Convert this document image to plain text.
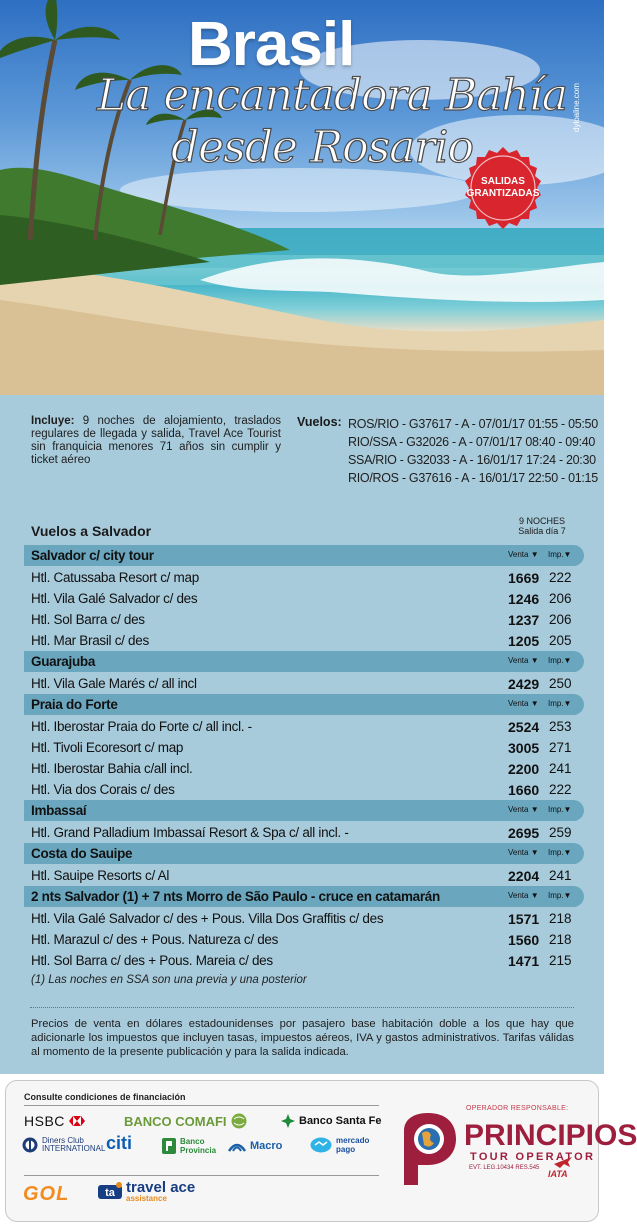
Brasil
La encantadora Bahía
desde Rosario
dyloaline.com
SALIDAS
GRANTIZADAS
Incluye: 9 noches de alojamiento, traslados regulares de llegada y salida, Travel Ace Tourist sin franquicia menores 71 años sin cumplir y ticket aéreo
Vuelos: ROS/RIO - G37617 - A - 07/01/17 01:55 - 05:50
RIO/SSA - G32026 - A - 07/01/17 08:40 - 09:40
SSA/RIO - G32033 - A - 16/01/17 17:24 - 20:30
RIO/ROS - G37616 - A - 16/01/17 22:50 - 01:15
Vuelos a Salvador
9 NOCHES
Salida día 7
Salvador c/ city tour	Venta ▼ Imp.▼
Htl. Catussaba Resort c/ map	1669 222
Htl. Vila Galé Salvador c/ des	1246 206
Htl. Sol Barra c/ des	1237 206
Htl. Mar Brasil c/ des	1205 205
Guarajuba	Venta ▼ Imp.▼
Htl. Vila Gale Marés c/ all incl	2429 250
Praia do Forte	Venta ▼ Imp.▼
Htl. Iberostar Praia do Forte c/ all incl. -	2524 253
Htl. Tivoli Ecoresort c/ map	3005 271
Htl. Iberostar Bahia c/all incl.	2200 241
Htl. Via dos Corais c/ des	1660 222
Imbassaí	Venta ▼ Imp.▼
Htl. Grand Palladium Imbassaí Resort & Spa c/ all incl. -	2695 259
Costa do Sauipe	Venta ▼ Imp.▼
Htl. Sauipe Resorts c/ Al	2204 241
2 nts Salvador (1) + 7 nts Morro de São Paulo - cruce en catamarán	Venta ▼ Imp.▼
Htl. Vila Galé Salvador c/ des + Pous. Villa Dos Graffitis c/ des	1571 218
Htl. Marazul c/ des + Pous. Natureza c/ des	1560 218
Htl. Sol Barra c/ des + Pous. Mareia c/ des	1471 215
(1) Las noches en SSA son una previa y una posterior
Precios de venta en dólares estadounidenses por pasajero base habitación doble a los que hay que adicionarle los impuestos que incluyen tasas, impuestos aéreos, IVA y gastos administrativos. Tarifas válidas al momento de la presente publicación y para la salida indicada.
Consulte condiciones de financiación
HSBC	BANCO COMAFI	Banco Santa Fe
Diners Club
INTERNATIONAL citi	Banco
Provincia	Macro	mercado
pago
GOL	ta travel ace
assistance
OPERADOR RESPONSABLE:
PRINCIPIOS
TOUR OPERATOR
EVT. LEG.10434 RES.545
IATA
